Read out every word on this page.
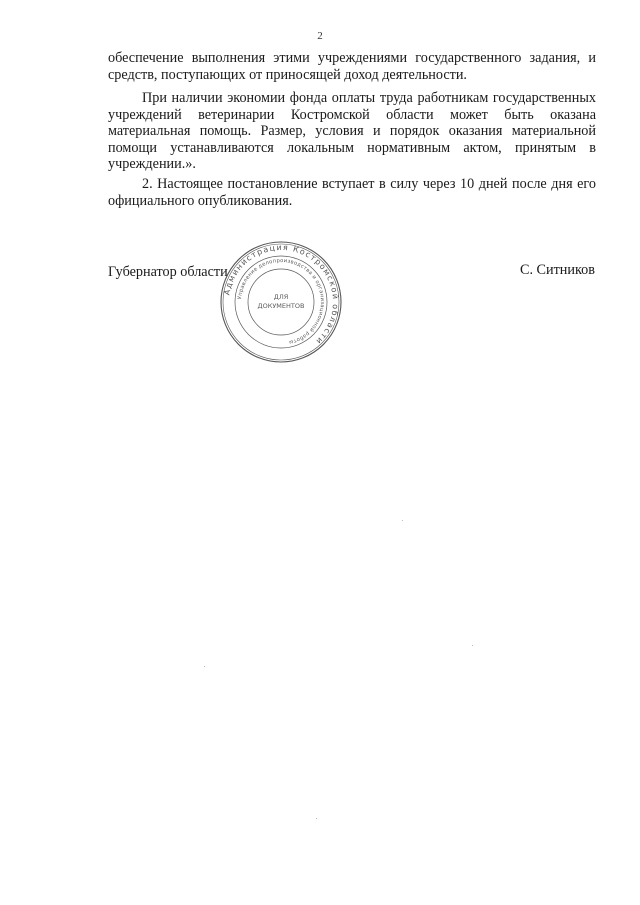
2

обеспечение выполнения этими учреждениями государственного задания, и средств, поступающих от приносящей доход деятельности.

При наличии экономии фонда оплаты труда работникам государственных учреждений ветеринарии Костромской области может быть оказана материальная помощь. Размер, условия и порядок оказания материальной помощи устанавливаются локальным нормативным актом, принятым в учреждении.».

2. Настоящее постановление вступает в силу через 10 дней после дня его официального опубликования.

Губернатор области	С. Ситников
Администрация Костромской области
Управление делопроизводства и организационной работы
ДЛЯ
ДОКУМЕНТОВ
